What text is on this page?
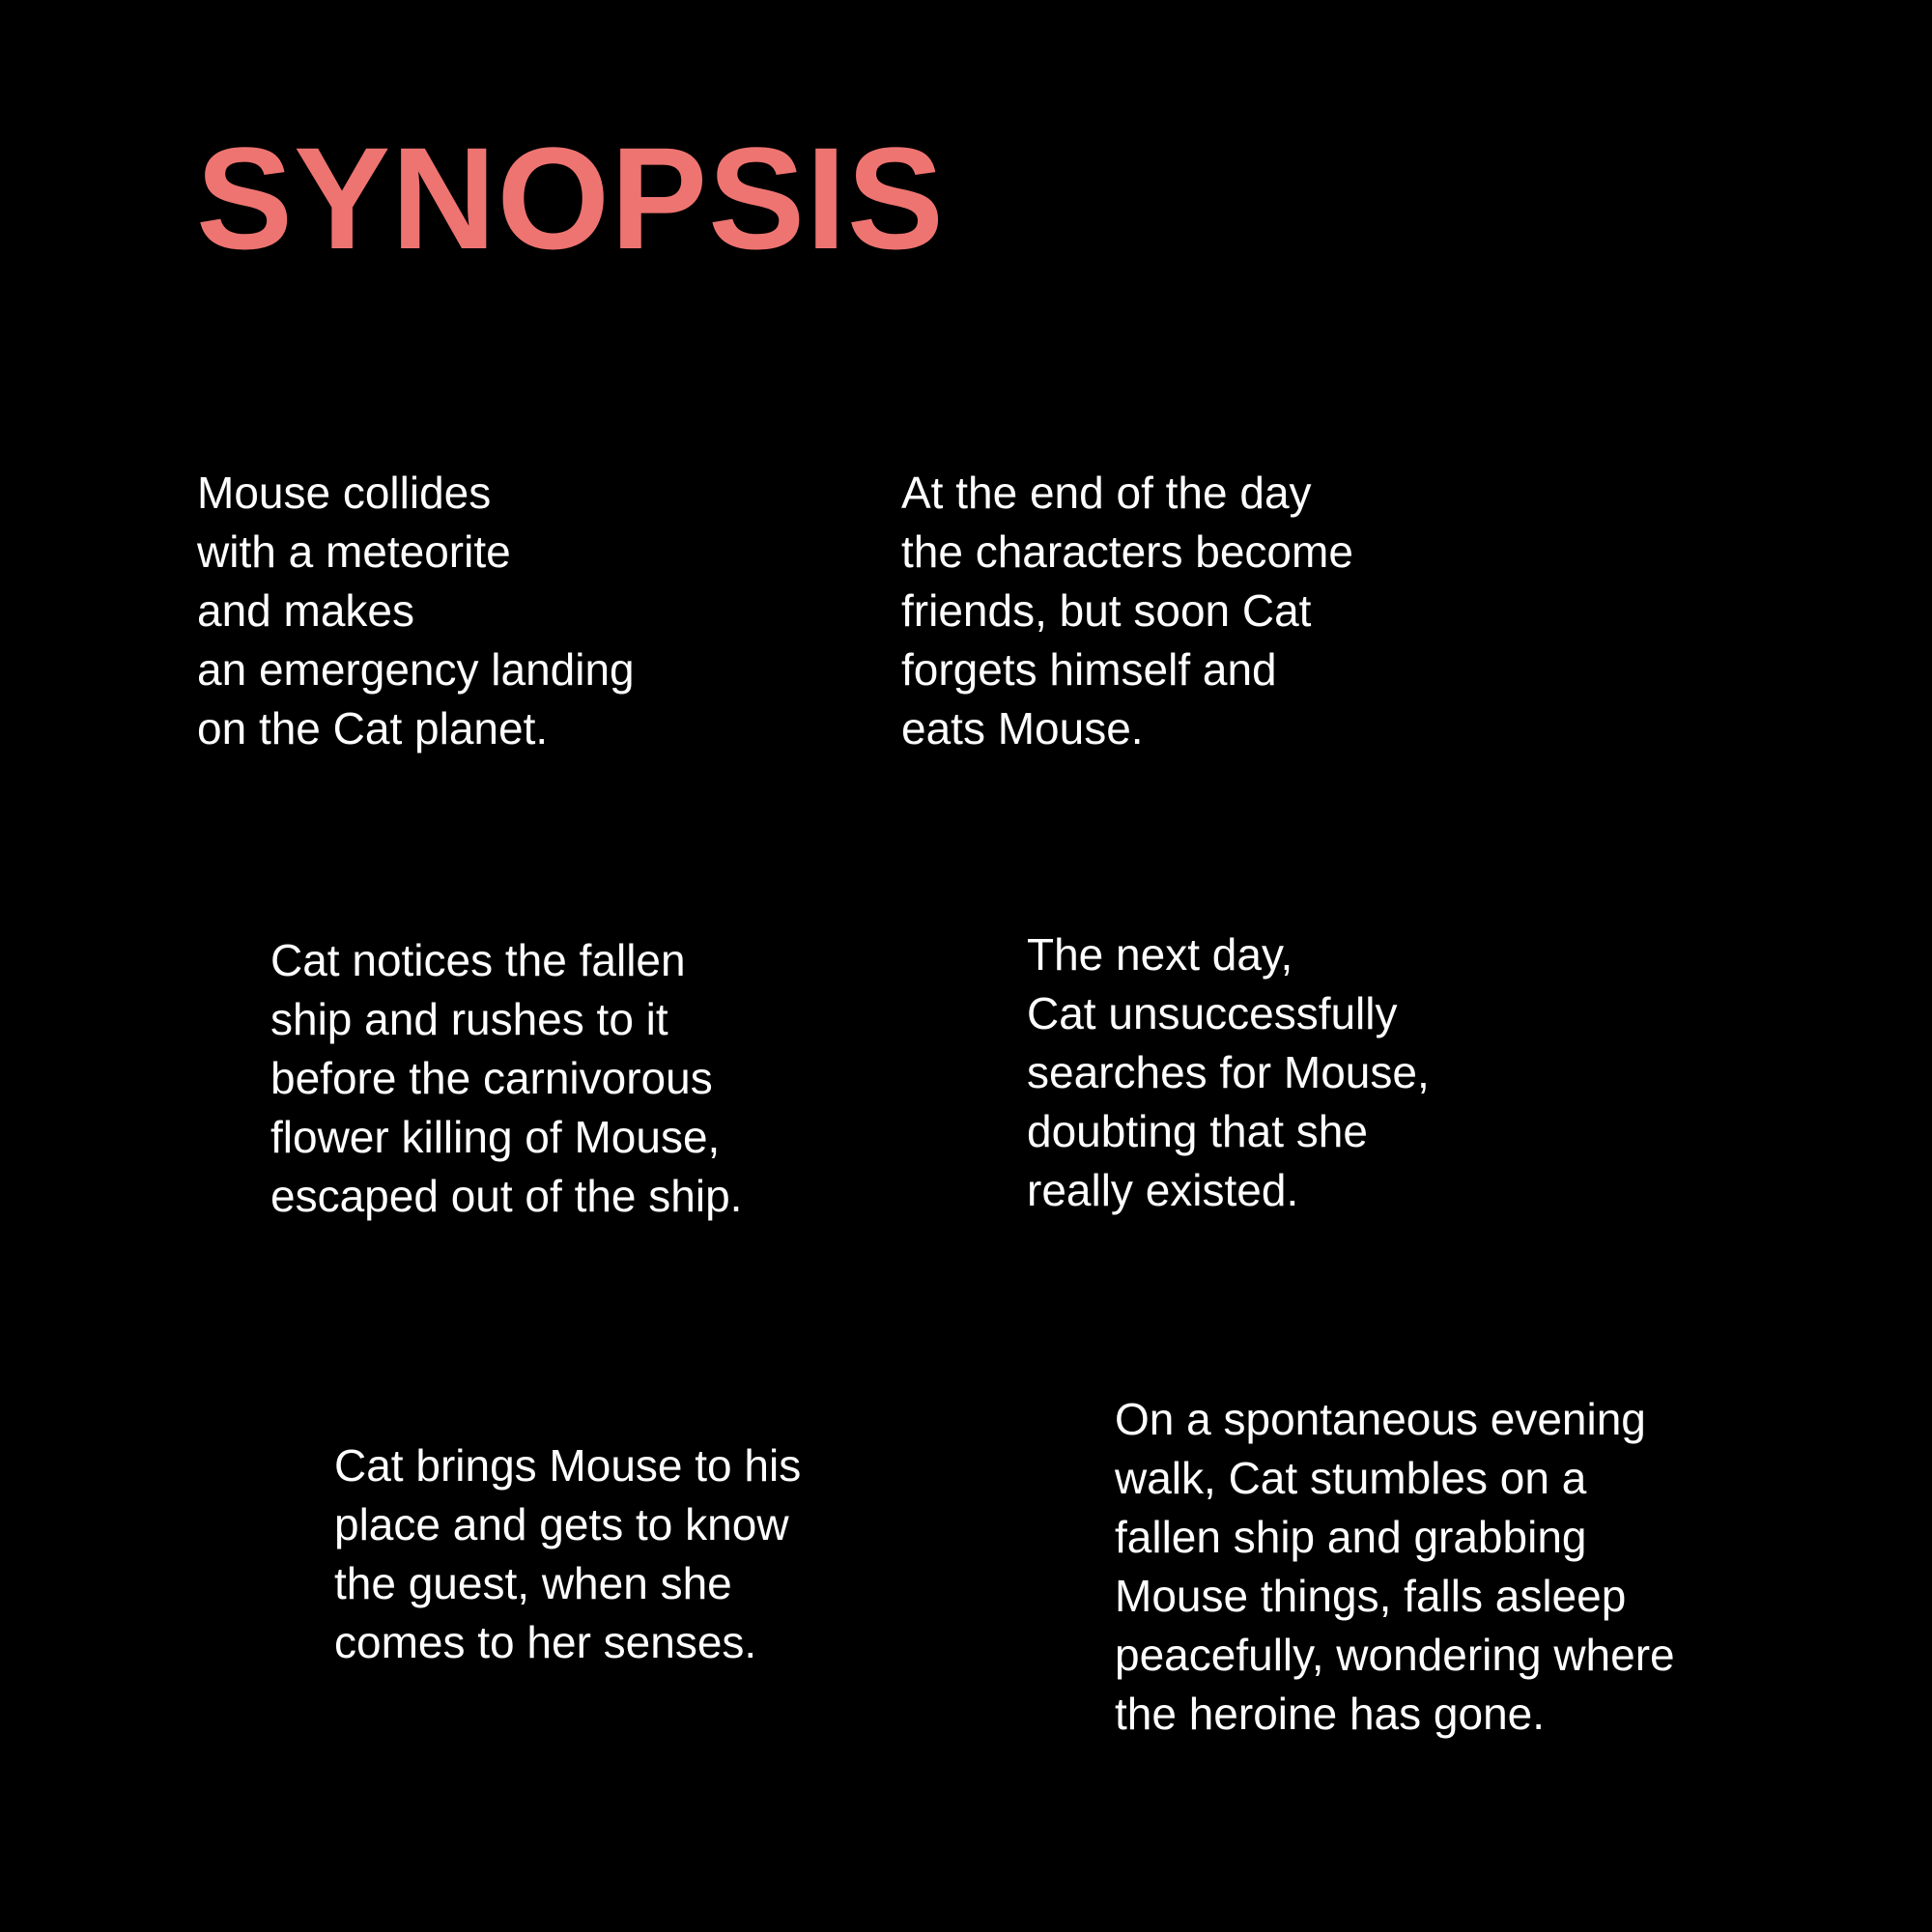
SYNOPSIS
Mouse collides
with a meteorite
and makes
an emergency landing
on the Cat planet.
At the end of the day
the characters become
friends, but soon Cat
forgets himself and
eats Mouse.
Cat notices the fallen
ship and rushes to it
before the carnivorous
flower killing of Mouse,
escaped out of the ship.
The next day,
Cat unsuccessfully
searches for Mouse,
doubting that she
really existed.
Cat brings Mouse to his
place and gets to know
the guest, when she
comes to her senses.
On a spontaneous evening
walk, Cat stumbles on a
fallen ship and grabbing
Mouse things, falls asleep
peacefully, wondering where
the heroine has gone.
